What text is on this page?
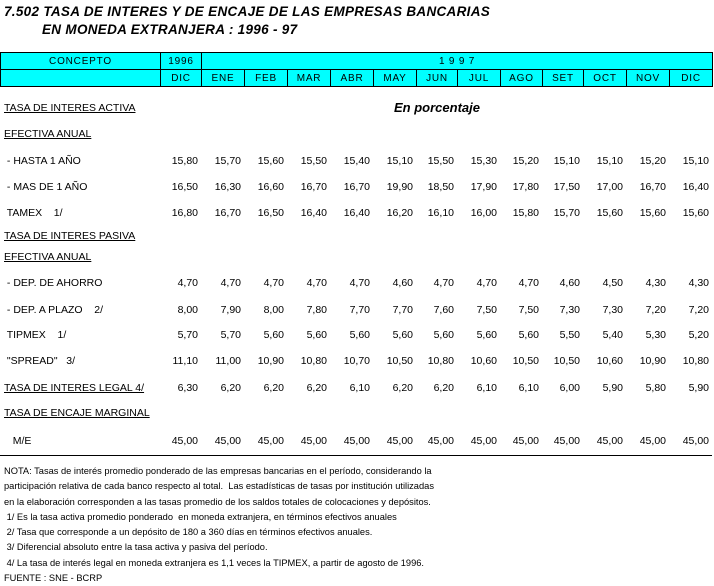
7.502 TASA DE INTERES Y DE ENCAJE DE LAS EMPRESAS BANCARIAS
EN MONEDA EXTRANJERA : 1996 - 97
CONCEPTO	1996	1 9 9 7											
	DIC	ENE	FEB	MAR	ABR	MAY	JUN	JUL	AGO	SET	OCT	NOV	DIC
En porcentaje
TASA DE INTERES ACTIVA													
EFECTIVA ANUAL													
- HASTA 1 AÑO	15,80	15,70	15,60	15,50	15,40	15,10	15,50	15,30	15,20	15,10	15,10	15,20	15,10
- MAS DE 1 AÑO	16,50	16,30	16,60	16,70	16,70	19,90	18,50	17,90	17,80	17,50	17,00	16,70	16,40
TAMEX    1/	16,80	16,70	16,50	16,40	16,40	16,20	16,10	16,00	15,80	15,70	15,60	15,60	15,60
TASA DE INTERES PASIVA													
EFECTIVA ANUAL													
- DEP. DE AHORRO	4,70	4,70	4,70	4,70	4,70	4,60	4,70	4,70	4,70	4,60	4,50	4,30	4,30
- DEP. A PLAZO    2/	8,00	7,90	8,00	7,80	7,70	7,70	7,60	7,50	7,50	7,30	7,30	7,20	7,20
TIPMEX    1/	5,70	5,70	5,60	5,60	5,60	5,60	5,60	5,60	5,60	5,50	5,40	5,30	5,20
"SPREAD"   3/	11,10	11,00	10,90	10,80	10,70	10,50	10,80	10,60	10,50	10,50	10,60	10,90	10,80
TASA DE INTERES LEGAL 4/	6,30	6,20	6,20	6,20	6,10	6,20	6,20	6,10	6,10	6,00	5,90	5,80	5,90
TASA DE ENCAJE MARGINAL													
M/E	45,00	45,00	45,00	45,00	45,00	45,00	45,00	45,00	45,00	45,00	45,00	45,00	45,00
NOTA: Tasas de interés promedio ponderado de las empresas bancarias en el período, considerando la
participación relativa de cada banco respecto al total.  Las estadísticas de tasas por institución utilizadas
en la elaboración corresponden a las tasas promedio de los saldos totales de colocaciones y depósitos.
1/ Es la tasa activa promedio ponderado  en moneda extranjera, en términos efectivos anuales
2/ Tasa que corresponde a un depósito de 180 a 360 días en términos efectivos anuales.
3/ Diferencial absoluto entre la tasa activa y pasiva del período.
4/ La tasa de interés legal en moneda extranjera es 1,1 veces la TIPMEX, a partir de agosto de 1996.
FUENTE : SNE - BCRP
